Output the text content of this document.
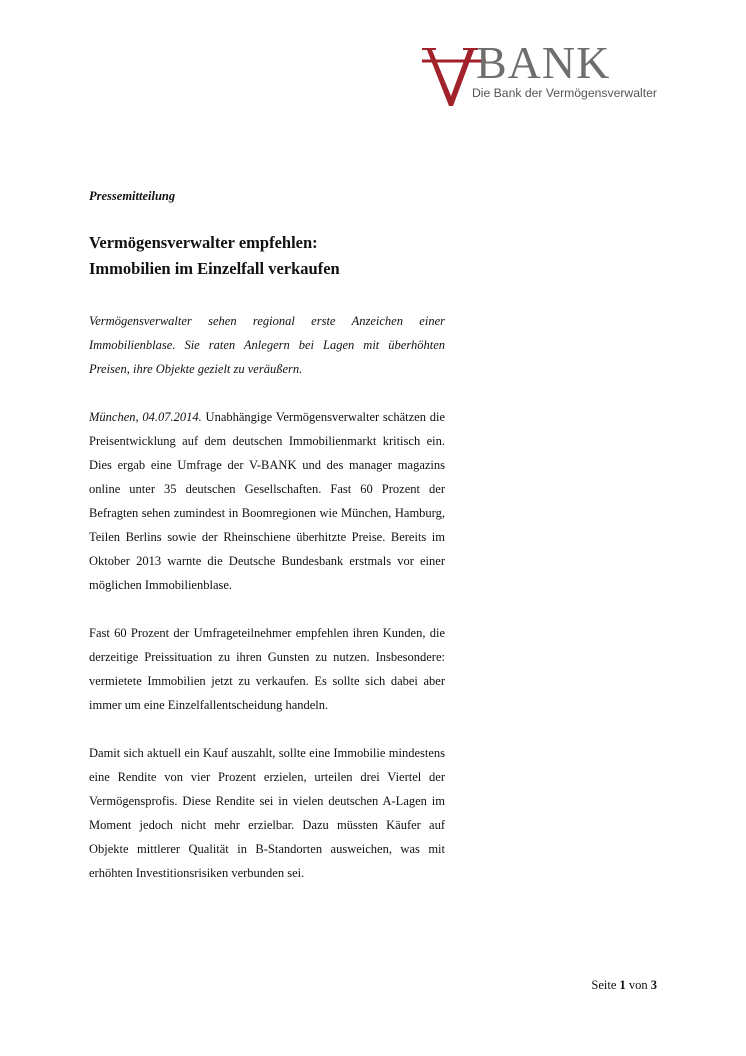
BANK
Die Bank der Vermögensverwalter

Pressemitteilung

Vermögensverwalter empfehlen:
Immobilien im Einzelfall verkaufen

Vermögensverwalter sehen regional erste Anzeichen einer Immobilienblase. Sie raten Anlegern bei Lagen mit überhöhten Preisen, ihre Objekte gezielt zu veräußern.

München, 04.07.2014. Unabhängige Vermögensverwalter schätzen die Preisentwicklung auf dem deutschen Immobilienmarkt kritisch ein. Dies ergab eine Umfrage der V-BANK und des manager magazins online unter 35 deutschen Gesellschaften. Fast 60 Prozent der Befragten sehen zumindest in Boomregionen wie München, Hamburg, Teilen Berlins sowie der Rheinschiene überhitzte Preise. Bereits im Oktober 2013 warnte die Deutsche Bundesbank erstmals vor einer möglichen Immobilienblase.

Fast 60 Prozent der Umfrageteilnehmer empfehlen ihren Kunden, die derzeitige Preissituation zu ihren Gunsten zu nutzen. Insbesondere: vermietete Immobilien jetzt zu verkaufen. Es sollte sich dabei aber immer um eine Einzelfallentscheidung handeln.

Damit sich aktuell ein Kauf auszahlt, sollte eine Immobilie mindestens eine Rendite von vier Prozent erzielen, urteilen drei Viertel der Vermögensprofis. Diese Rendite sei in vielen deutschen A-Lagen im Moment jedoch nicht mehr erzielbar. Dazu müssten Käufer auf Objekte mittlerer Qualität in B-Standorten ausweichen, was mit erhöhten Investitionsrisiken verbunden sei.

Seite 1 von 3
